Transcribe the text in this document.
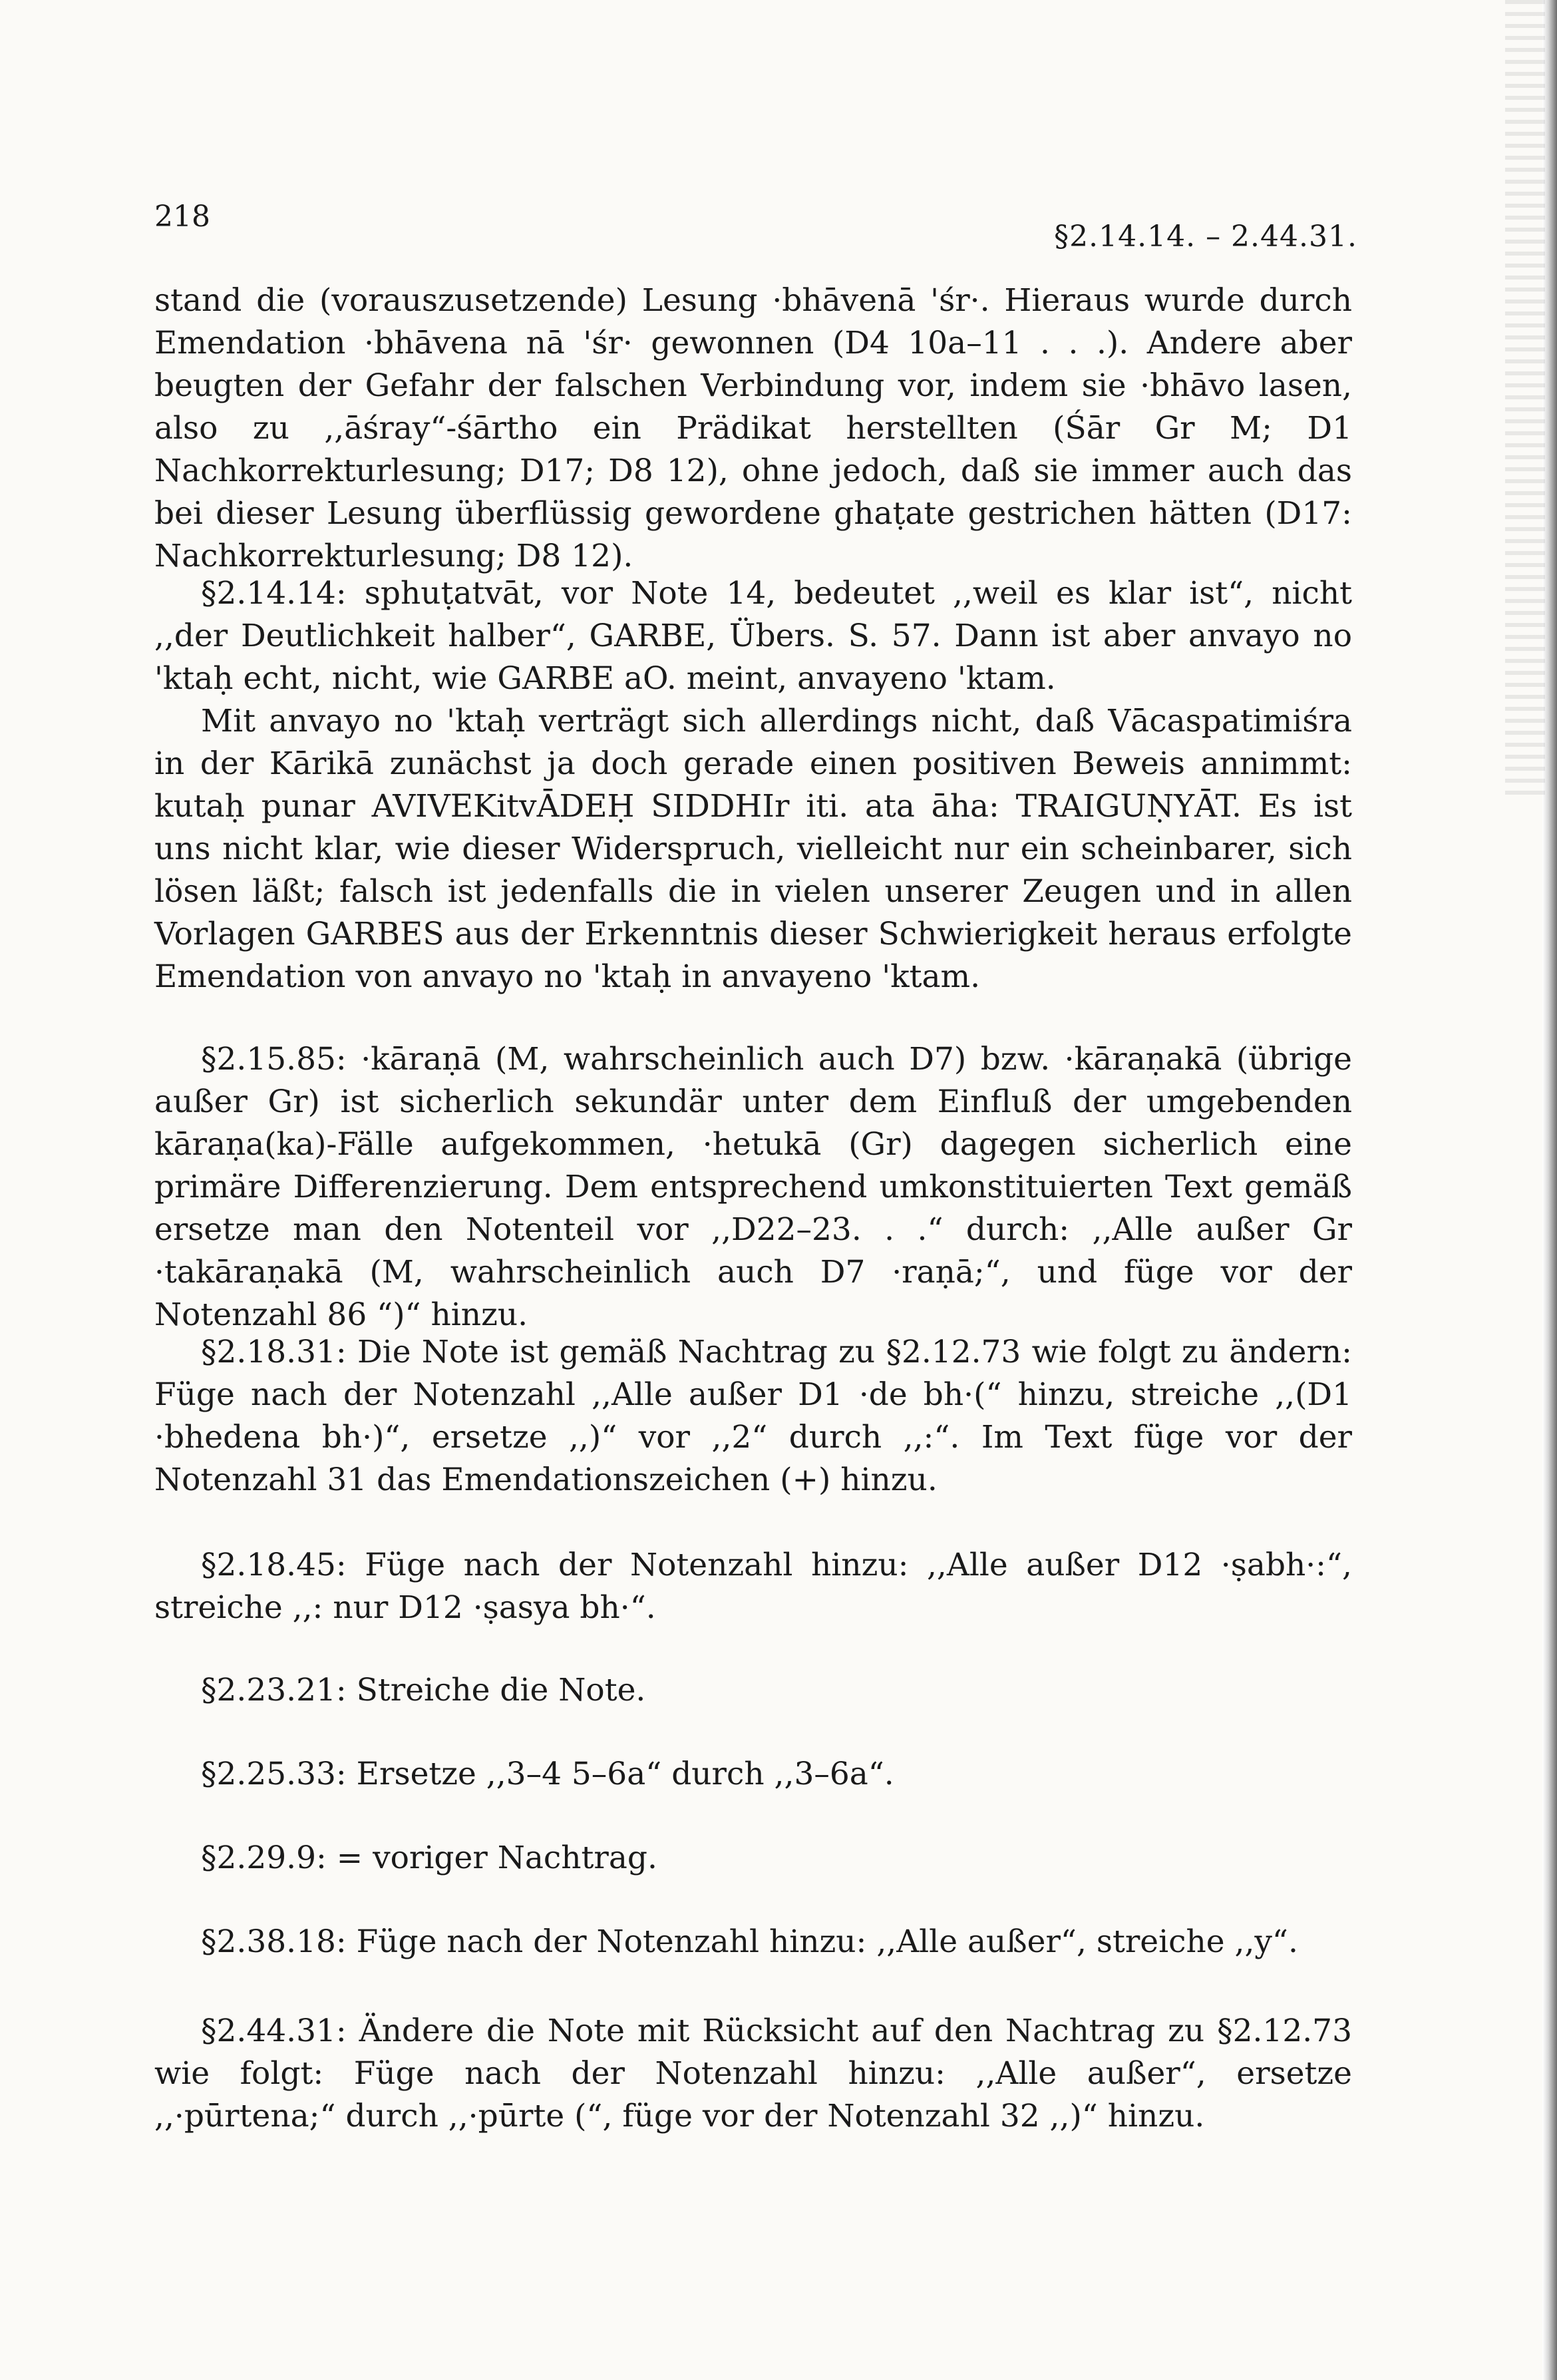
218
§2.14.14. – 2.44.31.

stand die (vorauszusetzende) Lesung ·bhāvenā 'śr·. Hieraus wurde durch Emendation ·bhāvena nā 'śr· gewonnen (D4 10a–11 . . .). Andere aber beugten der Gefahr der falschen Verbindung vor, indem sie ·bhāvo lasen, also zu ,,āśray“-śārtho ein Prädikat herstellten (Śār Gr M; D1 Nachkorrekturlesung; D17; D8 12), ohne jedoch, daß sie immer auch das bei dieser Lesung überflüssig gewordene ghaṭate gestrichen hätten (D17: Nachkorrekturlesung; D8 12).

§2.14.14: sphuṭatvāt, vor Note 14, bedeutet ,,weil es klar ist“, nicht ,,der Deutlichkeit halber“, GARBE, Übers. S. 57. Dann ist aber anvayo no 'ktaḥ echt, nicht, wie GARBE aO. meint, anvayeno 'ktam.

Mit anvayo no 'ktaḥ verträgt sich allerdings nicht, daß Vācaspatimiśra in der Kārikā zunächst ja doch gerade einen positiven Beweis annimmt: kutaḥ punar AVIVEKitvĀDEḤ SIDDHIr iti. ata āha: TRAIGUṆYĀT. Es ist uns nicht klar, wie dieser Widerspruch, vielleicht nur ein scheinbarer, sich lösen läßt; falsch ist jedenfalls die in vielen unserer Zeugen und in allen Vorlagen GARBES aus der Erkenntnis dieser Schwierigkeit heraus erfolgte Emendation von anvayo no 'ktaḥ in anvayeno 'ktam.

§2.15.85: ·kāraṇā (M, wahrscheinlich auch D7) bzw. ·kāraṇakā (übrige außer Gr) ist sicherlich sekundär unter dem Einfluß der umgebenden kāraṇa(ka)-Fälle aufgekommen, ·hetukā (Gr) dagegen sicherlich eine primäre Differenzierung. Dem entsprechend umkonstituierten Text gemäß ersetze man den Notenteil vor ,,D22–23. . .“ durch: ,,Alle außer Gr ·takāraṇakā (M, wahrscheinlich auch D7 ·raṇā;“, und füge vor der Notenzahl 86 “)“ hinzu.

§2.18.31: Die Note ist gemäß Nachtrag zu §2.12.73 wie folgt zu ändern: Füge nach der Notenzahl ,,Alle außer D1 ·de bh·(“ hinzu, streiche ,,(D1 ·bhedena bh·)“, ersetze ,,)“ vor ,,2“ durch ,,:“. Im Text füge vor der Notenzahl 31 das Emendationszeichen (+) hinzu.

§2.18.45: Füge nach der Notenzahl hinzu: ,,Alle außer D12 ·ṣabh·:“, streiche ,,: nur D12 ·ṣasya bh·“.

§2.23.21: Streiche die Note.

§2.25.33: Ersetze ,,3–4 5–6a“ durch ,,3–6a“.

§2.29.9: = voriger Nachtrag.

§2.38.18: Füge nach der Notenzahl hinzu: ,,Alle außer“, streiche ,,y“.

§2.44.31: Ändere die Note mit Rücksicht auf den Nachtrag zu §2.12.73 wie folgt: Füge nach der Notenzahl hinzu: ,,Alle außer“, ersetze ,,·pūrtena;“ durch ,,·pūrte (“, füge vor der Notenzahl 32 ,,)“ hinzu.
